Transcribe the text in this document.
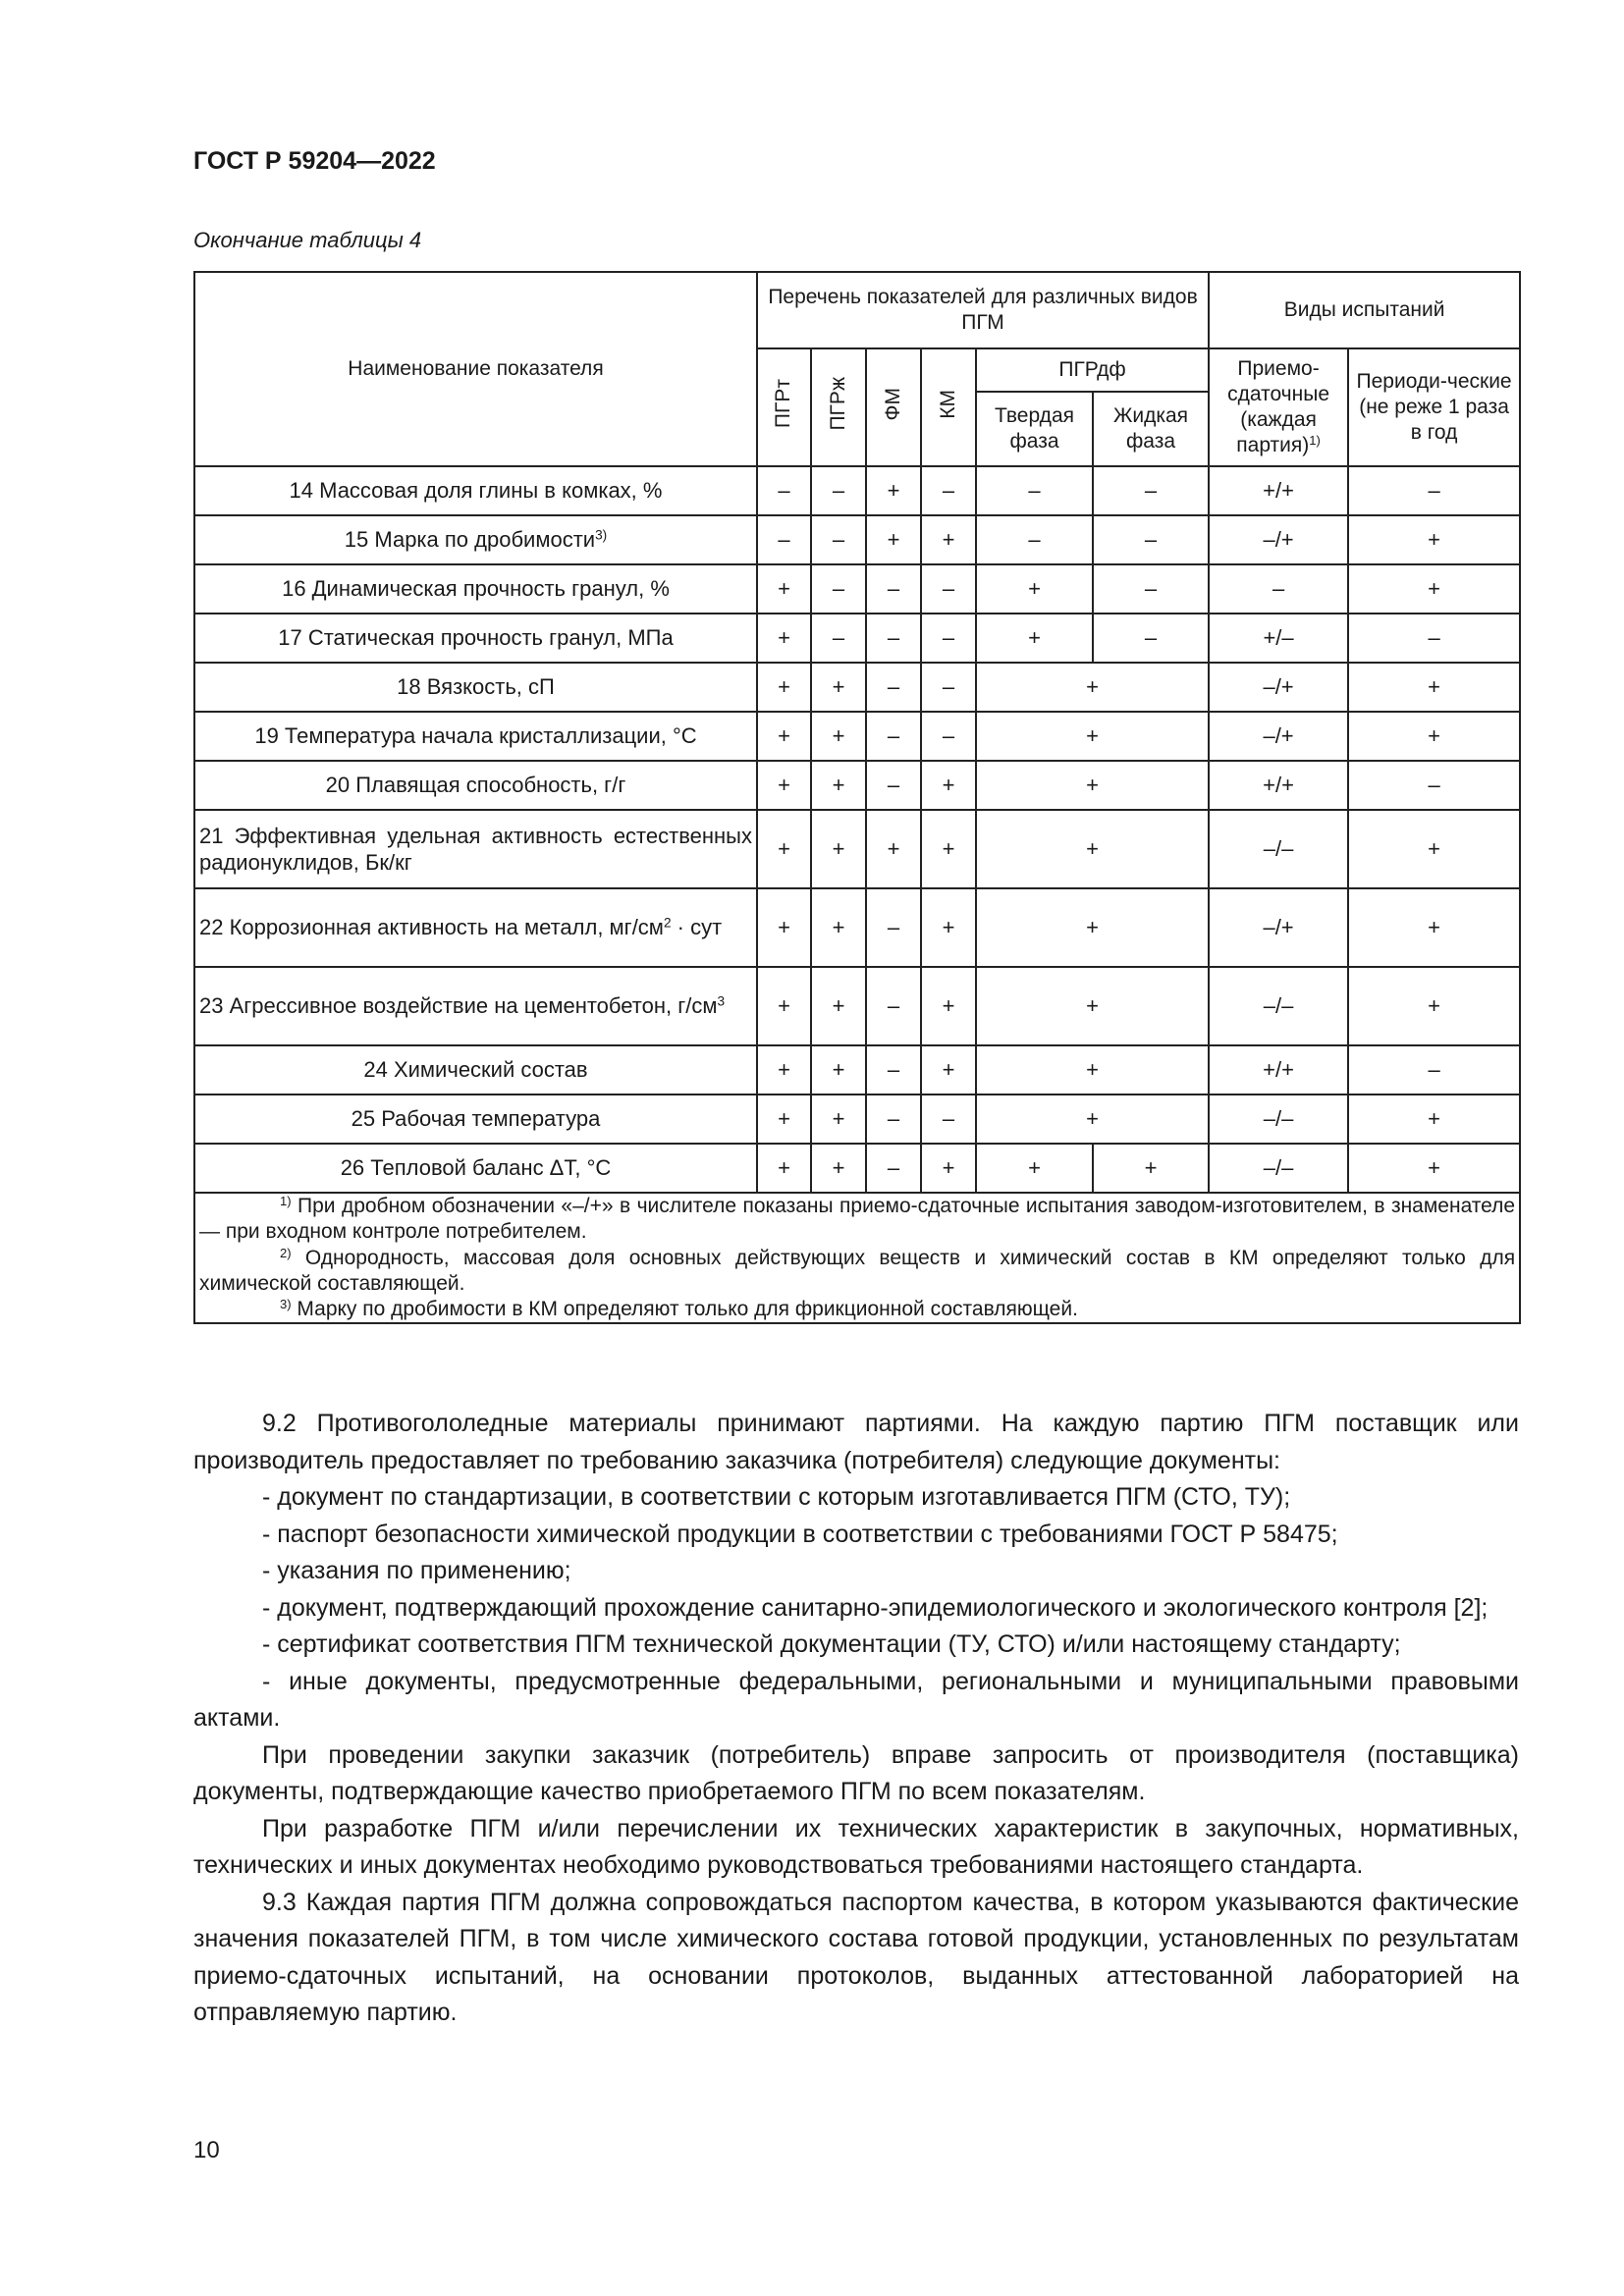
ГОСТ Р 59204—2022

Окончание таблицы 4

Наименование показателя	Перечень показателей для различных видов ПГМ						Виды испытаний	
	ПГРт	ПГРж	ФМ	КМ	ПГРдф		Приемо-сдаточные (каждая партия)$^{1)}$	Периоди-ческие (не реже 1 раза в год
					Твердая фаза	Жидкая фаза		
14 Массовая доля глины в комках, %	–	–	+	–	–	–	+/+	–
15 Марка по дробимости$^{3)}$	–	–	+	+	–	–	–/+	+
16 Динамическая прочность гранул, %	+	–	–	–	+	–	–	+
17 Статическая прочность гранул, МПа	+	–	–	–	+	–	+/–	–
18 Вязкость, сП	+	+	–	–	+		–/+	+
19 Температура начала кристаллизации, °С	+	+	–	–	+		–/+	+
20 Плавящая способность, г/г	+	+	–	+	+		+/+	–
21 Эффективная удельная активность естественных радионуклидов, Бк/кг	+	+	+	+	+		–/–	+
22 Коррозионная активность на металл, $мг/см^2$ · сут	+	+	–	+	+		–/+	+
23 Агрессивное воздействие на цементобетон, $г/см^3$	+	+	–	+	+		–/–	+
24 Химический состав	+	+	–	+	+		+/+	–
25 Рабочая температура	+	+	–	–	+		–/–	+
26 Тепловой баланс ΔТ, °С	+	+	–	+	+	+	–/–	+

$^{1)}$ При дробном обозначении «–/+» в числителе показаны приемо-сдаточные испытания заводом-изготовителем, в знаменателе — при входном контроле потребителем.

$^{2)}$ Однородность, массовая доля основных действующих веществ и химический состав в КМ определяют только для химической составляющей.

$^{3)}$ Марку по дробимости в КМ определяют только для фрикционной составляющей.								

9.2 Противогололедные материалы принимают партиями. На каждую партию ПГМ поставщик или производитель предоставляет по требованию заказчика (потребителя) следующие документы:

- документ по стандартизации, в соответствии с которым изготавливается ПГМ (СТО, ТУ);

- паспорт безопасности химической продукции в соответствии с требованиями ГОСТ Р 58475;

- указания по применению;

- документ, подтверждающий прохождение санитарно-эпидемиологического и экологического контроля [2];

- сертификат соответствия ПГМ технической документации (ТУ, СТО) и/или настоящему стандарту;

- иные документы, предусмотренные федеральными, региональными и муниципальными правовыми актами.

При проведении закупки заказчик (потребитель) вправе запросить от производителя (поставщика) документы, подтверждающие качество приобретаемого ПГМ по всем показателям.

При разработке ПГМ и/или перечислении их технических характеристик в закупочных, нормативных, технических и иных документах необходимо руководствоваться требованиями настоящего стандарта.

9.3 Каждая партия ПГМ должна сопровождаться паспортом качества, в котором указываются фактические значения показателей ПГМ, в том числе химического состава готовой продукции, установленных по результатам приемо-сдаточных испытаний, на основании протоколов, выданных аттестованной лабораторией на отправляемую партию.

10
